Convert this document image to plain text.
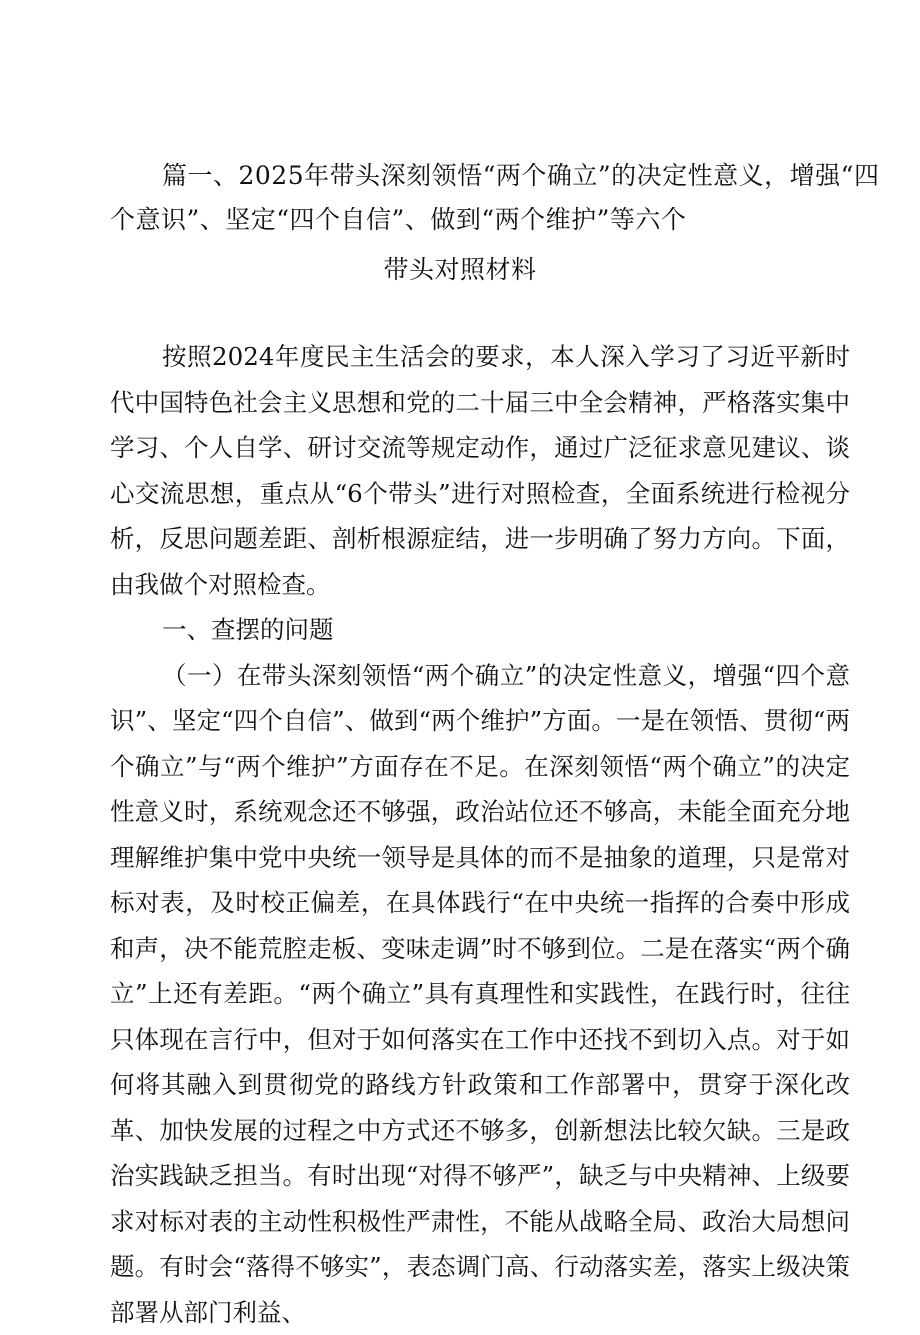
篇一、2025年带头深刻领悟“两个确立”的决定性意义，增强“四
个意识”、坚定“四个自信”、做到“两个维护”等六个
带头对照材料

按照2024年度民主生活会的要求，本人深入学习了习近平新时代中国特色社会主义思想和党的二十届三中全会精神，严格落实集中学习、个人自学、研讨交流等规定动作，通过广泛征求意见建议、谈心交流思想，重点从“6个带头”进行对照检查，全面系统进行检视分析，反思问题差距、剖析根源症结，进一步明确了努力方向。下面，由我做个对照检查。

一、查摆的问题

（一）在带头深刻领悟“两个确立”的决定性意义，增强“四个意识”、坚定“四个自信”、做到“两个维护”方面。一是在领悟、贯彻“两个确立”与“两个维护”方面存在不足。在深刻领悟“两个确立”的决定性意义时，系统观念还不够强，政治站位还不够高，未能全面充分地理解维护集中党中央统一领导是具体的而不是抽象的道理，只是常对标对表，及时校正偏差，在具体践行“在中央统一指挥的合奏中形成和声，决不能荒腔走板、变味走调”时不够到位。二是在落实“两个确立”上还有差距。“两个确立”具有真理性和实践性，在践行时，往往只体现在言行中，但对于如何落实在工作中还找不到切入点。对于如何将其融入到贯彻党的路线方针政策和工作部署中，贯穿于深化改革、加快发展的过程之中方式还不够多，创新想法比较欠缺。三是政治实践缺乏担当。有时出现“对得不够严”，缺乏与中央精神、上级要求对标对表的主动性积极性严肃性，不能从战略全局、政治大局想问题。有时会“落得不够实”，表态调门高、行动落实差，落实上级决策部署从部门利益、
